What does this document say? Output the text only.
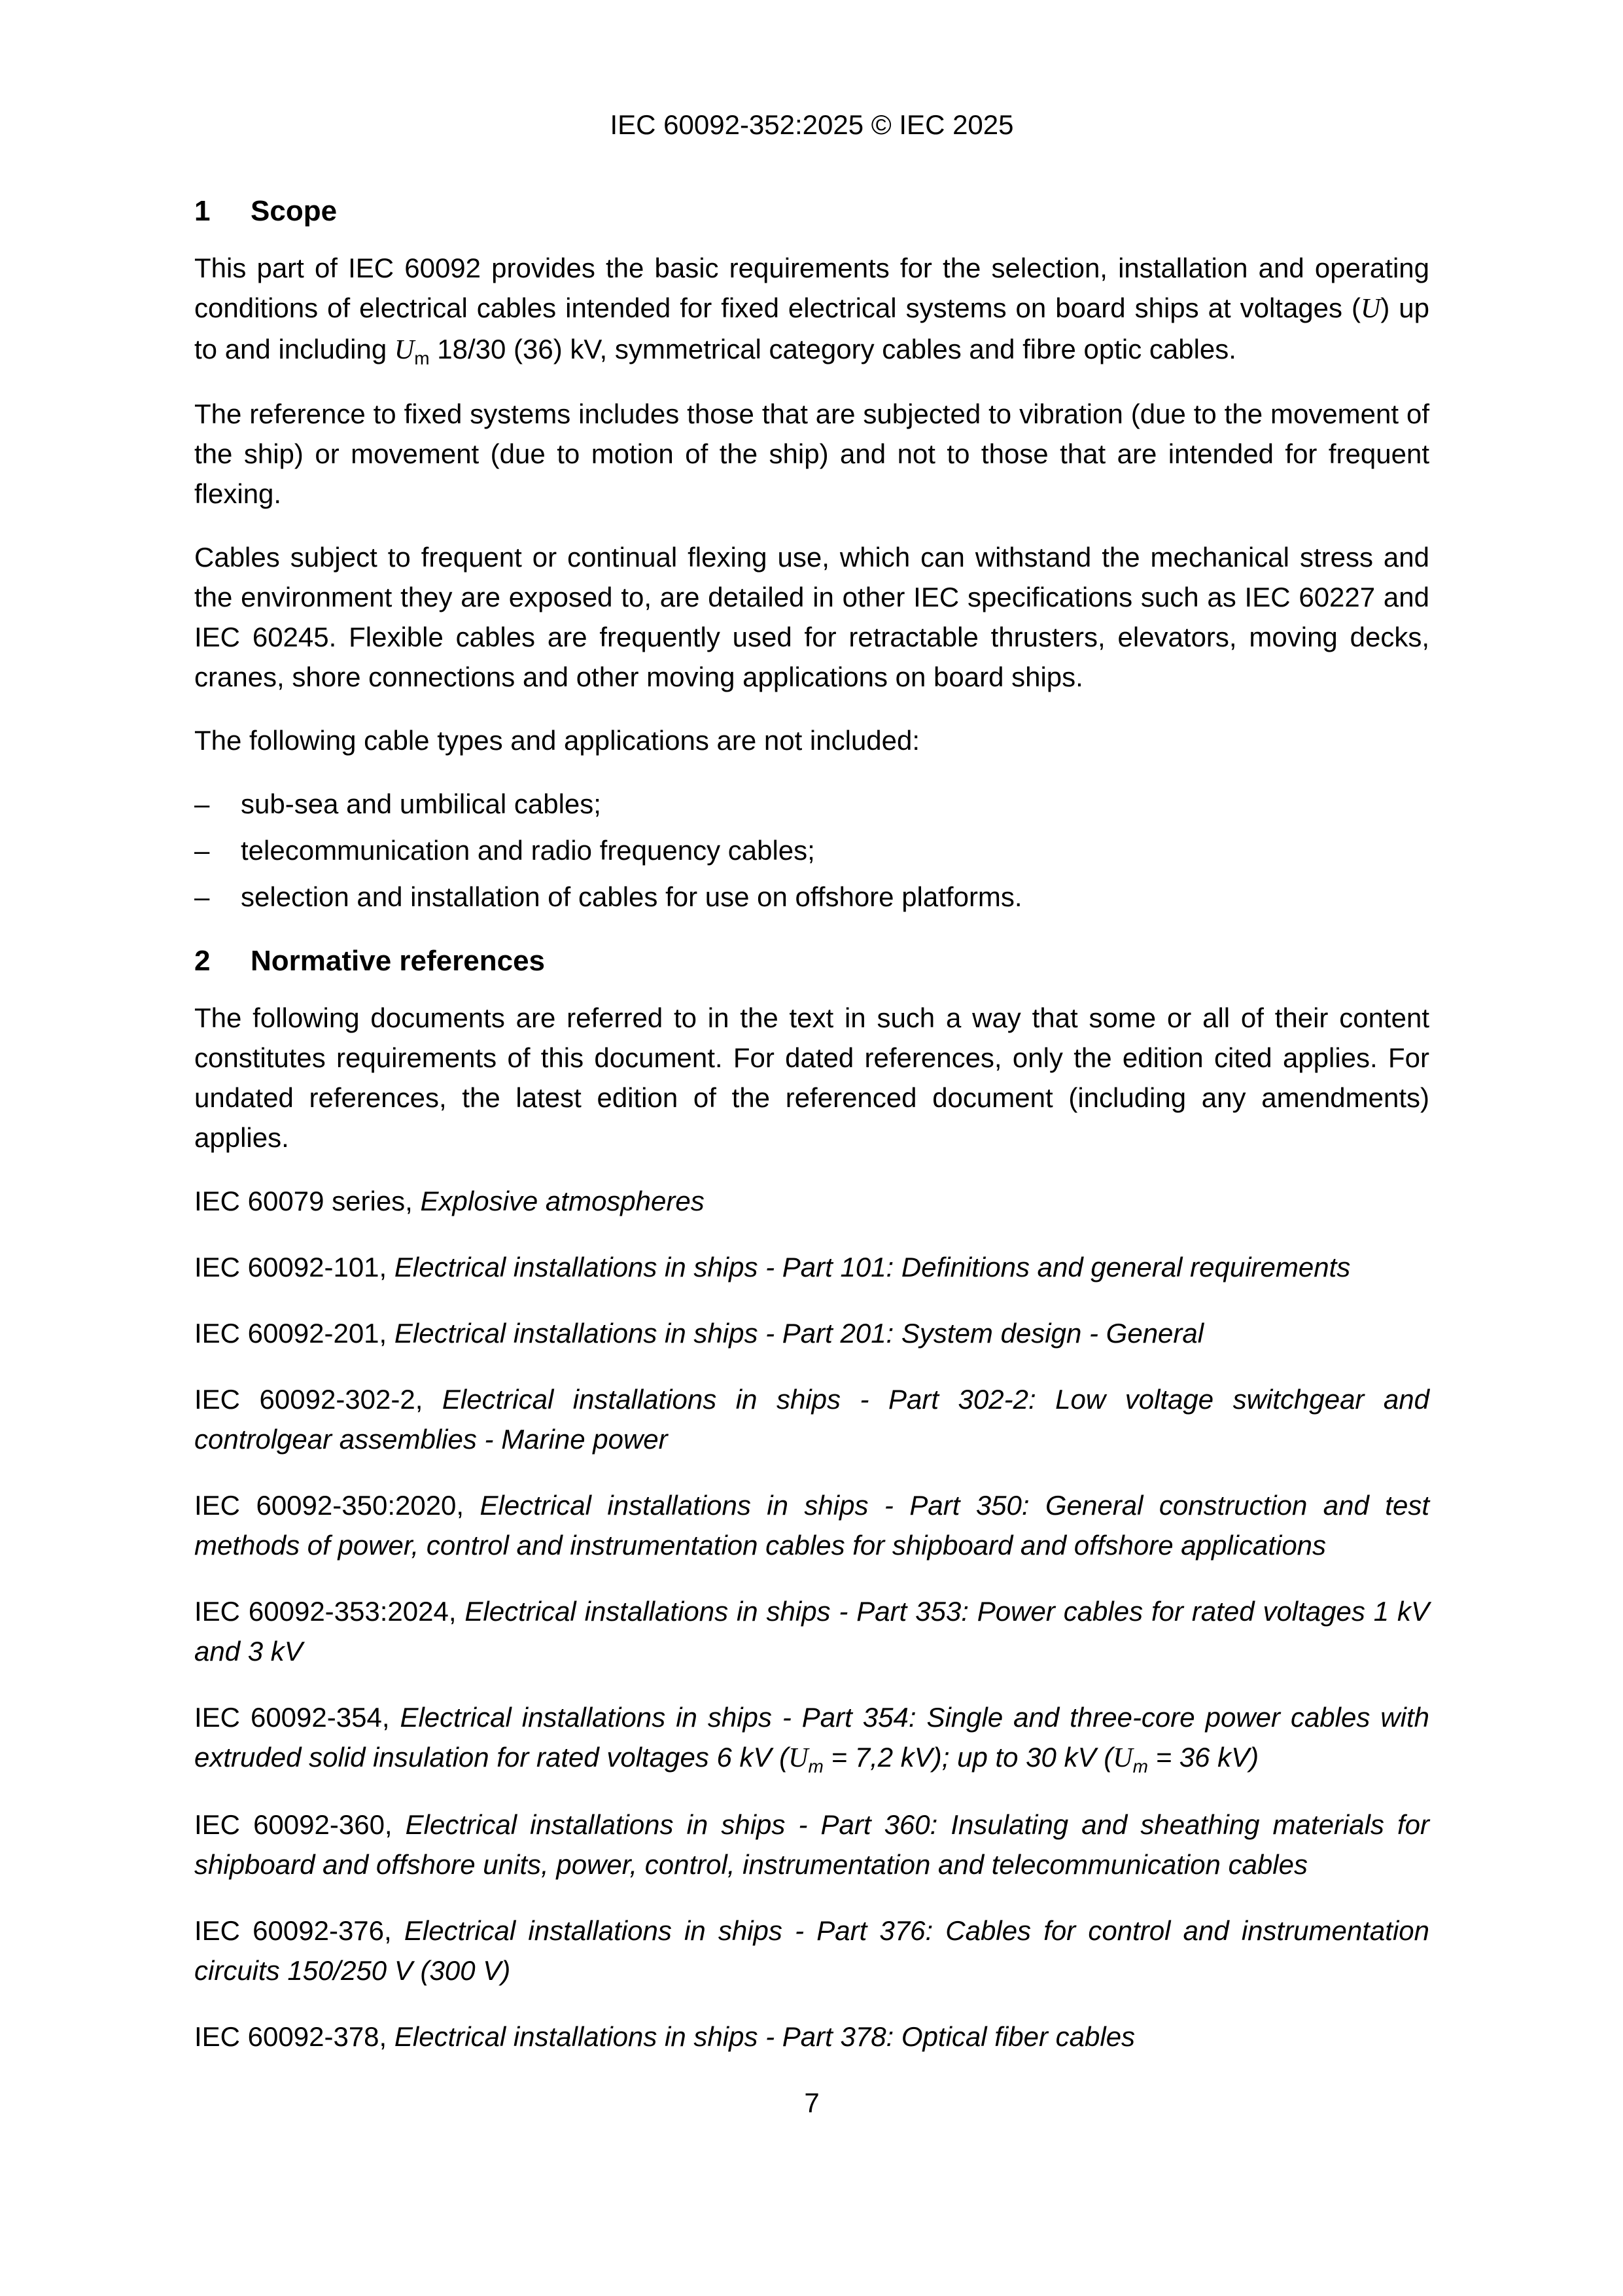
IEC 60092-352:2025 © IEC 2025
1	Scope

This part of IEC 60092 provides the basic requirements for the selection, installation and operating conditions of electrical cables intended for fixed electrical systems on board ships at voltages (U) up to and including $U_m$ 18/30 (36) kV, symmetrical category cables and fibre optic cables.

The reference to fixed systems includes those that are subjected to vibration (due to the movement of the ship) or movement (due to motion of the ship) and not to those that are intended for frequent flexing.

Cables subject to frequent or continual flexing use, which can withstand the mechanical stress and the environment they are exposed to, are detailed in other IEC specifications such as IEC 60227 and IEC 60245. Flexible cables are frequently used for retractable thrusters, elevators, moving decks, cranes, shore connections and other moving applications on board ships.

The following cable types and applications are not included:

– sub-sea and umbilical cables;
– telecommunication and radio frequency cables;
– selection and installation of cables for use on offshore platforms.
2	Normative references

The following documents are referred to in the text in such a way that some or all of their content constitutes requirements of this document. For dated references, only the edition cited applies. For undated references, the latest edition of the referenced document (including any amendments) applies.

IEC 60079 series, Explosive atmospheres

IEC 60092-101, Electrical installations in ships - Part 101: Definitions and general requirements

IEC 60092-201, Electrical installations in ships - Part 201: System design - General

IEC 60092-302-2, Electrical installations in ships - Part 302-2: Low voltage switchgear and controlgear assemblies - Marine power

IEC 60092-350:2020, Electrical installations in ships - Part 350: General construction and test methods of power, control and instrumentation cables for shipboard and offshore applications

IEC 60092-353:2024, Electrical installations in ships - Part 353: Power cables for rated voltages 1 kV and 3 kV

IEC 60092-354, Electrical installations in ships - Part 354: Single and three-core power cables with extruded solid insulation for rated voltages 6 kV ($U_m = 7,2$ kV); up to 30 kV ($U_m = 36$ kV)

IEC 60092-360, Electrical installations in ships - Part 360: Insulating and sheathing materials for shipboard and offshore units, power, control, instrumentation and telecommunication cables

IEC 60092-376, Electrical installations in ships - Part 376: Cables for control and instrumentation circuits 150/250 V (300 V)

IEC 60092-378, Electrical installations in ships - Part 378: Optical fiber cables

7
